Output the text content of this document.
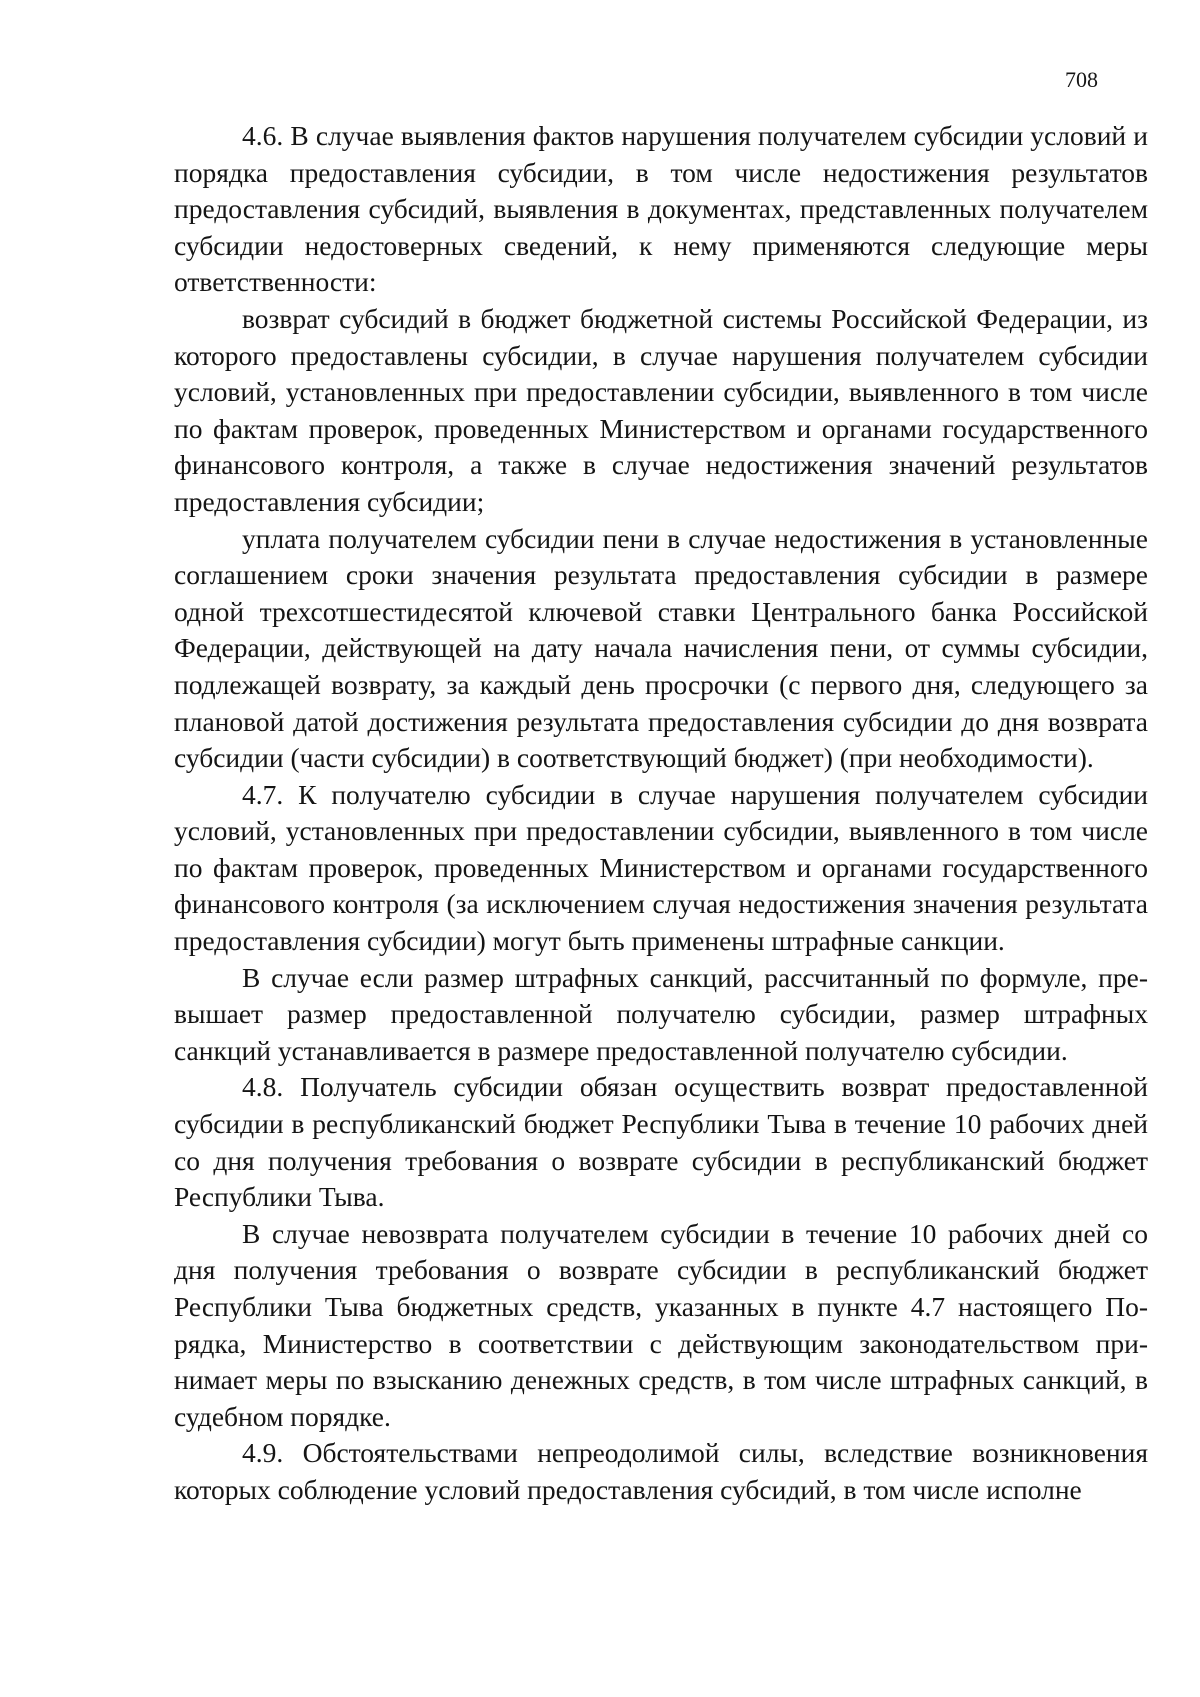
708

4.6. В случае выявления фактов нарушения получателем субсидии условий и порядка предоставления субсидии, в том числе недостижения результатов предоставления субсидий, выявления в документах, представленных получателем субсидии недостоверных сведений, к нему применяются следующие меры ответственности:

возврат субсидий в бюджет бюджетной системы Российской Федерации, из которого предоставлены субсидии, в случае нарушения получателем субсидии условий, установленных при предоставлении субсидии, выявленного в том числе по фактам проверок, проведенных Министерством и органами государственного финансового контроля, а также в случае недостижения значений результатов предоставления субсидии;

уплата получателем субсидии пени в случае недостижения в установленные соглашением сроки значения результата предоставления субсидии в размере одной трехсотшестидесятой ключевой ставки Центрального банка Российской Федерации, действующей на дату начала начисления пени, от суммы субсидии, подлежащей возврату, за каждый день просрочки (с первого дня, следующего за плановой датой достижения результата предоставления субсидии до дня возврата субсидии (части субсидии) в соответствующий бюджет) (при необходимости).

4.7. К получателю субсидии в случае нарушения получателем субсидии условий, установленных при предоставлении субсидии, выявленного в том числе по фактам проверок, проведенных Министерством и органами государственного финансового контроля (за исключением случая недостижения значения результата предоставления субсидии) могут быть применены штрафные санкции.

В случае если размер штрафных санкций, рассчитанный по формуле, превышает размер предоставленной получателю субсидии, размер штрафных санкций устанавливается в размере предоставленной получателю субсидии.

4.8. Получатель субсидии обязан осуществить возврат предоставленной субсидии в республиканский бюджет Республики Тыва в течение 10 рабочих дней со дня получения требования о возврате субсидии в республиканский бюджет Республики Тыва.

В случае невозврата получателем субсидии в течение 10 рабочих дней со дня получения требования о возврате субсидии в республиканский бюджет Республики Тыва бюджетных средств, указанных в пункте 4.7 настоящего Порядка, Министерство в соответствии с действующим законодательством принимает меры по взысканию денежных средств, в том числе штрафных санкций, в судебном порядке.

4.9. Обстоятельствами непреодолимой силы, вследствие возникновения которых соблюдение условий предоставления субсидий, в том числе исполне
